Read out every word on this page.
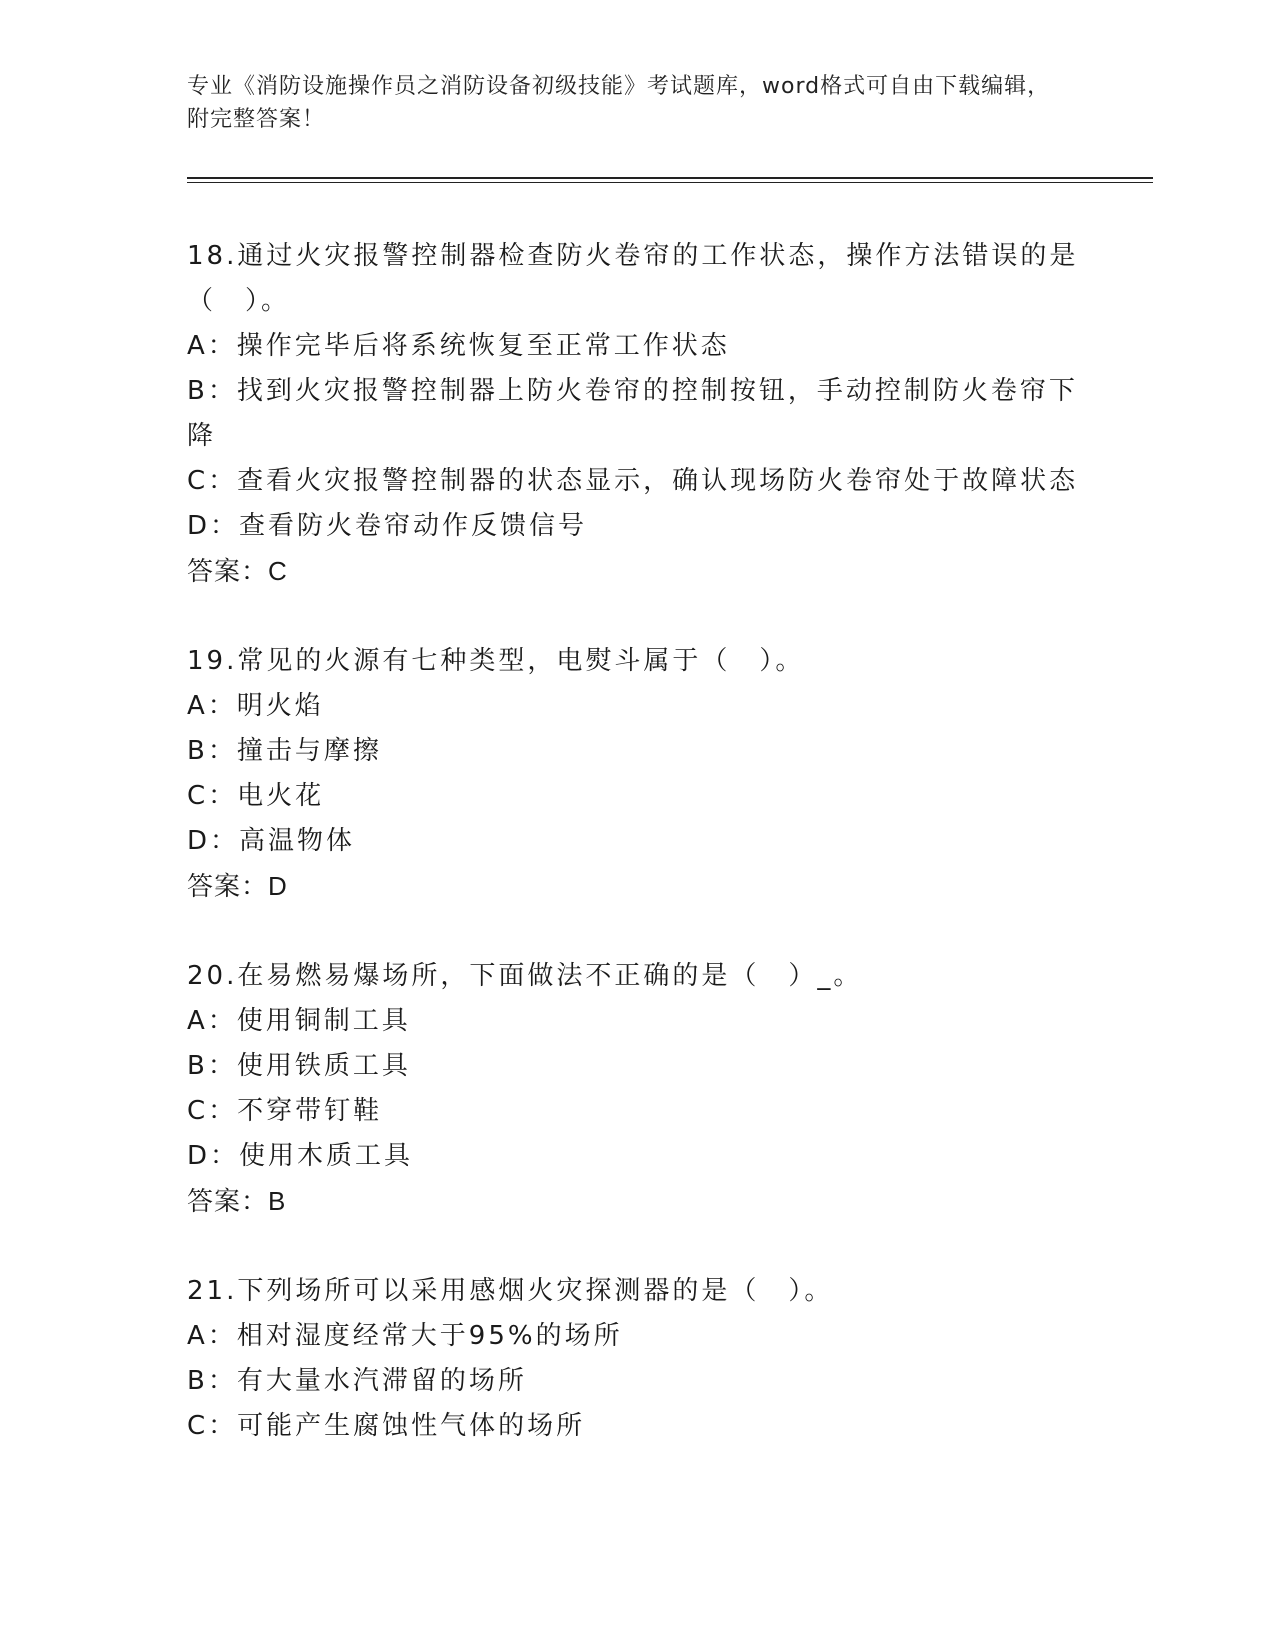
专业《消防设施操作员之消防设备初级技能》考试题库，word格式可自由下载编辑，附完整答案！

18.通过火灾报警控制器检查防火卷帘的工作状态，操作方法错误的是（　）。

A：操作完毕后将系统恢复至正常工作状态

B：找到火灾报警控制器上防火卷帘的控制按钮，手动控制防火卷帘下降

C：查看火灾报警控制器的状态显示，确认现场防火卷帘处于故障状态

D：查看防火卷帘动作反馈信号

答案：C

19.常见的火源有七种类型，电熨斗属于（　）。

A：明火焰

B：撞击与摩擦

C：电火花

D：高温物体

答案：D

20.在易燃易爆场所，下面做法不正确的是（　）_。

A：使用铜制工具

B：使用铁质工具

C：不穿带钉鞋

D：使用木质工具

答案：B

21.下列场所可以采用感烟火灾探测器的是（　）。

A：相对湿度经常大于95%的场所

B：有大量水汽滞留的场所

C：可能产生腐蚀性气体的场所
